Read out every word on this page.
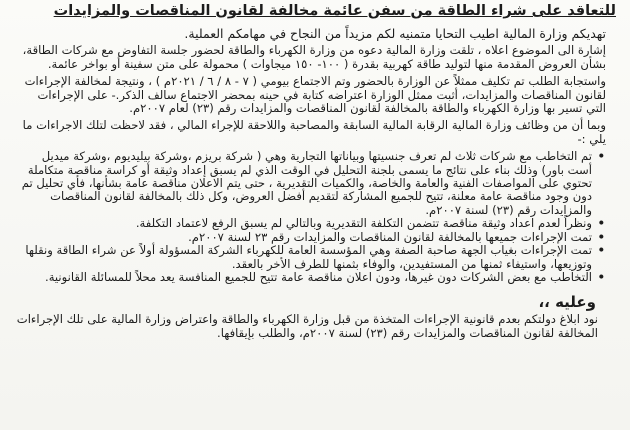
للتعاقد على شراء الطاقة من سفن عائمة مخالفة لقانون المناقصات والمزايدات

تهديكم وزارة المالية اطيب التحايا متمنيه لكم مزيداً من النجاح في مهامكم العملية.

إشارة الى الموضوع اعلاه ، تلقت وزارة المالية دعوه من وزارة الكهرباء والطاقة لحضور جلسة التفاوض مع شركات الطاقة، بشأن العروض المقدمة منها لتوليد طاقة كهربية بقدرة ( ١٠٠- ١٥٠ ميجاوات ) محمولة على متن سفينة أو بواخر عائمة.

واستجابة الطلب تم تكليف ممثلاً عن الوزارة بالحضور وتم الاجتماع بيومي ( ٧ - ٨ / ٦ / ٢٠٢١م ) ، ونتيجة لمخالفة الإجراءات لقانون المناقصات والمزايدات، أثبت ممثل الوزارة اعتراضه كتابة في حينه بمحضر الاجتماع سالف الذكر.- على الإجراءات التي تسير بها وزارة الكهرباء والطاقة بالمخالفة لقانون المناقصات والمزايدات رقم (٢٣) لعام ٢٠٠٧م.

وبما أن من وظائف وزارة المالية الرقابة المالية السابقة والمصاحبة واللاحقة للإجراء المالي ، فقد لاحظت لتلك الاجراءات ما يلي :-

• تم التخاطب مع شركات ثلاث لم تعرف جنسيتها وبياناتها التجارية وهي ( شركة بريزم ،وشركة بيليديوم ،وشركة ميديل أست باور) وذلك بناء على نتائج ما يسمى بلجنة التحليل في الوقت الذي لم يسبق إعداد وثيقة أو كراسة مناقصة متكاملة تحتوي على المواصفات الفنية والعامة والخاصة، والكميات التقديرية ، حتى يتم الاعلان مناقصة عامة بشأنها، فأي تحليل تم دون وجود مناقصة عامة معلنة، تتيح للجميع المشاركة لتقديم أفضل العروض، وكل ذلك بالمخالفة لقانون المناقصات والمزايدات رقم (٢٣) لسنة ٢٠٠٧م.
• ونظراً لعدم اعداد وثيقة مناقصة تتضمن التكلفة التقديرية وبالتالي لم يسبق الرفع لاعتماد التكلفة.
• تمت الإجراءات جميعها بالمخالفة لقانون المناقصات والمزايدات رقم ٢٣ لسنة ٢٠٠٧م.
• تمت الإجراءات بغياب الجهة صاحبة الصفة وهي المؤسسة العامة للكهرباء الشركة المسؤولة أولاً عن شراء الطاقة ونقلها وتوزيعها، واستيفاء ثمنها من المستفيدين، والوفاء بثمنها للطرف الأخر بالعقد.
• التخاطب مع بعض الشركات دون غيرها، ودون اعلان مناقصة عامة تتيح للجميع المنافسة يعد محلاً للمسائلة القانونية.
وعليه ،،

نود ابلاغ دولتكم بعدم قانونية الإجراءات المتخذة من قبل وزارة الكهرباء والطاقة واعتراض وزارة المالية على تلك الإجراءات المخالفة لقانون المناقصات والمزايدات رقم (٢٣) لسنة ٢٠٠٧م، والطلب بإيقافها.
